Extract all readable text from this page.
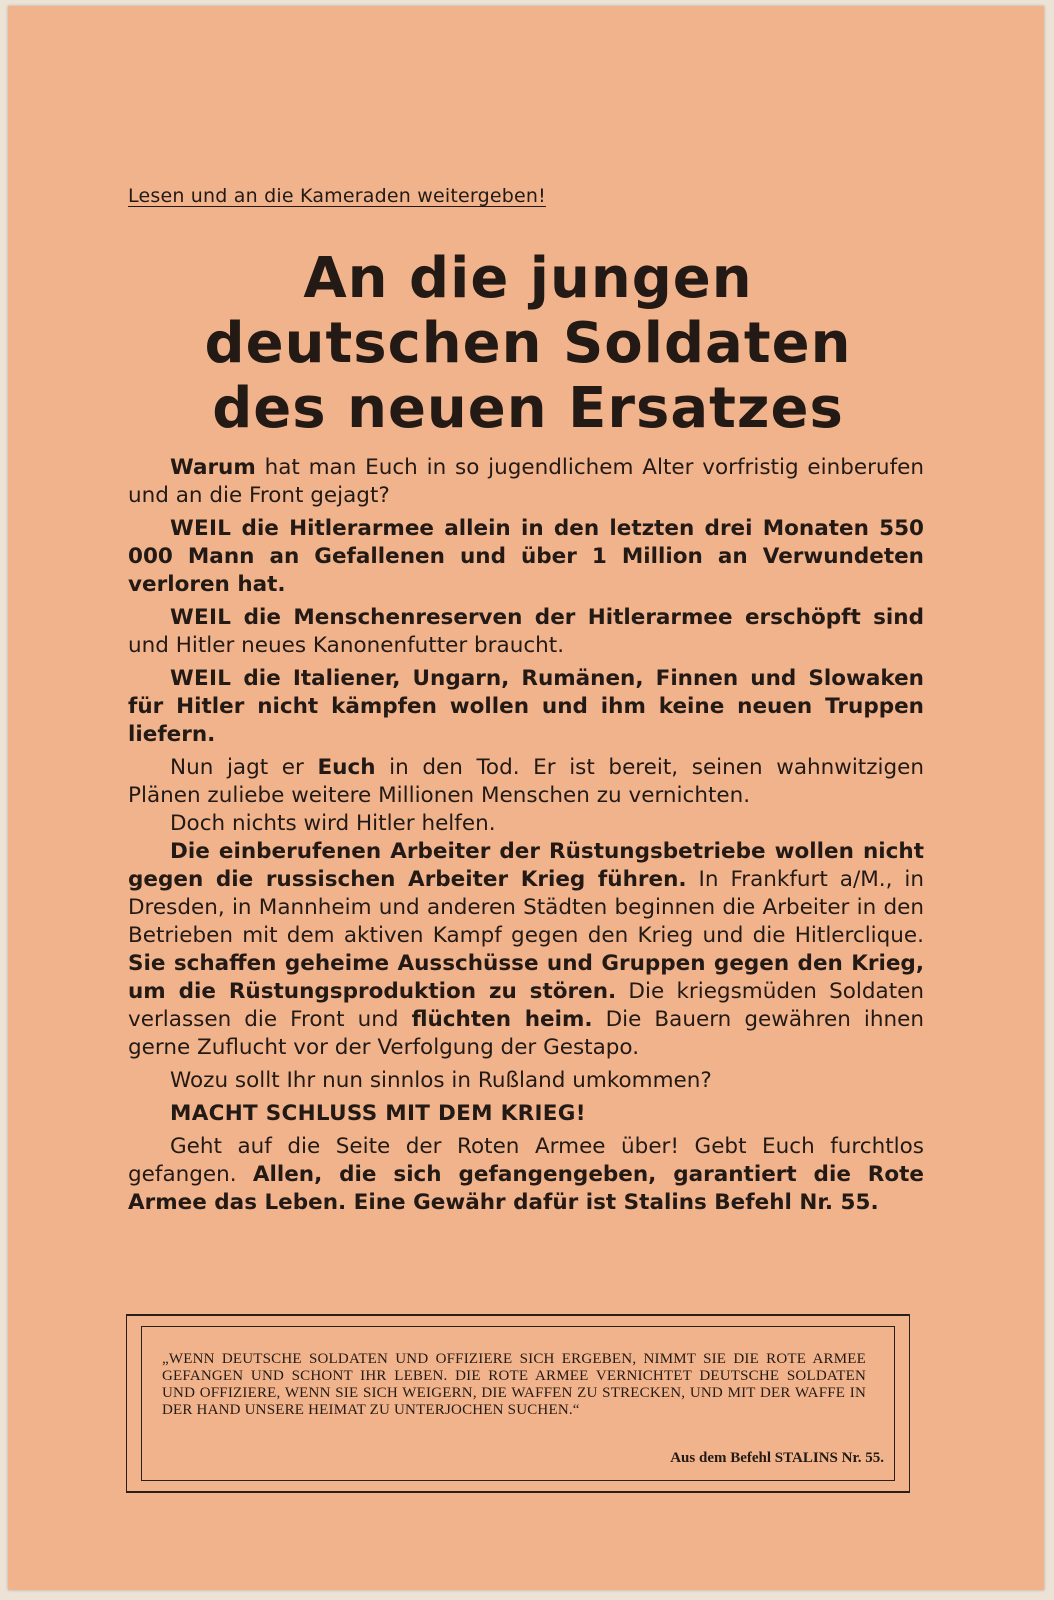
Lesen und an die Kameraden weitergeben!
An die jungen
deutschen Soldaten
des neuen Ersatzes

Warum hat man Euch in so jugendlichem Alter vorfristig einberufen und an die Front gejagt?

WEIL die Hitlerarmee allein in den letzten drei Monaten 550 000 Mann an Gefallenen und über 1 Million an Verwundeten verloren hat.

WEIL die Menschenreserven der Hitlerarmee erschöpft sind und Hitler neues Kanonenfutter braucht.

WEIL die Italiener, Ungarn, Rumänen, Finnen und Slowaken für Hitler nicht kämpfen wollen und ihm keine neuen Truppen liefern.

Nun jagt er Euch in den Tod. Er ist bereit, seinen wahnwitzigen Plänen zuliebe weitere Millionen Menschen zu vernichten.

Doch nichts wird Hitler helfen.

Die einberufenen Arbeiter der Rüstungsbetriebe wollen nicht gegen die russischen Arbeiter Krieg führen. In Frankfurt a/M., in Dresden, in Mannheim und anderen Städten beginnen die Arbeiter in den Betrieben mit dem aktiven Kampf gegen den Krieg und die Hitlerclique. Sie schaffen geheime Ausschüsse und Gruppen gegen den Krieg, um die Rüstungsproduktion zu stören. Die kriegsmüden Soldaten verlassen die Front und flüchten heim. Die Bauern gewähren ihnen gerne Zuflucht vor der Verfolgung der Gestapo.

Wozu sollt Ihr nun sinnlos in Rußland umkommen?

MACHT SCHLUSS MIT DEM KRIEG!

Geht auf die Seite der Roten Armee über! Gebt Euch furchtlos gefangen. Allen, die sich gefangengeben, garantiert die Rote Armee das Leben. Eine Gewähr dafür ist Stalins Befehl Nr. 55.

„WENN DEUTSCHE SOLDATEN UND OFFIZIERE SICH ERGEBEN, NIMMT SIE DIE ROTE ARMEE GEFANGEN UND SCHONT IHR LEBEN. DIE ROTE ARMEE VERNICHTET DEUTSCHE SOLDATEN UND OFFIZIERE, WENN SIE SICH WEIGERN, DIE WAFFEN ZU STRECKEN, UND MIT DER WAFFE IN DER HAND UNSERE HEIMAT ZU UNTERJOCHEN SUCHEN.“

Aus dem Befehl STALINS Nr. 55.
